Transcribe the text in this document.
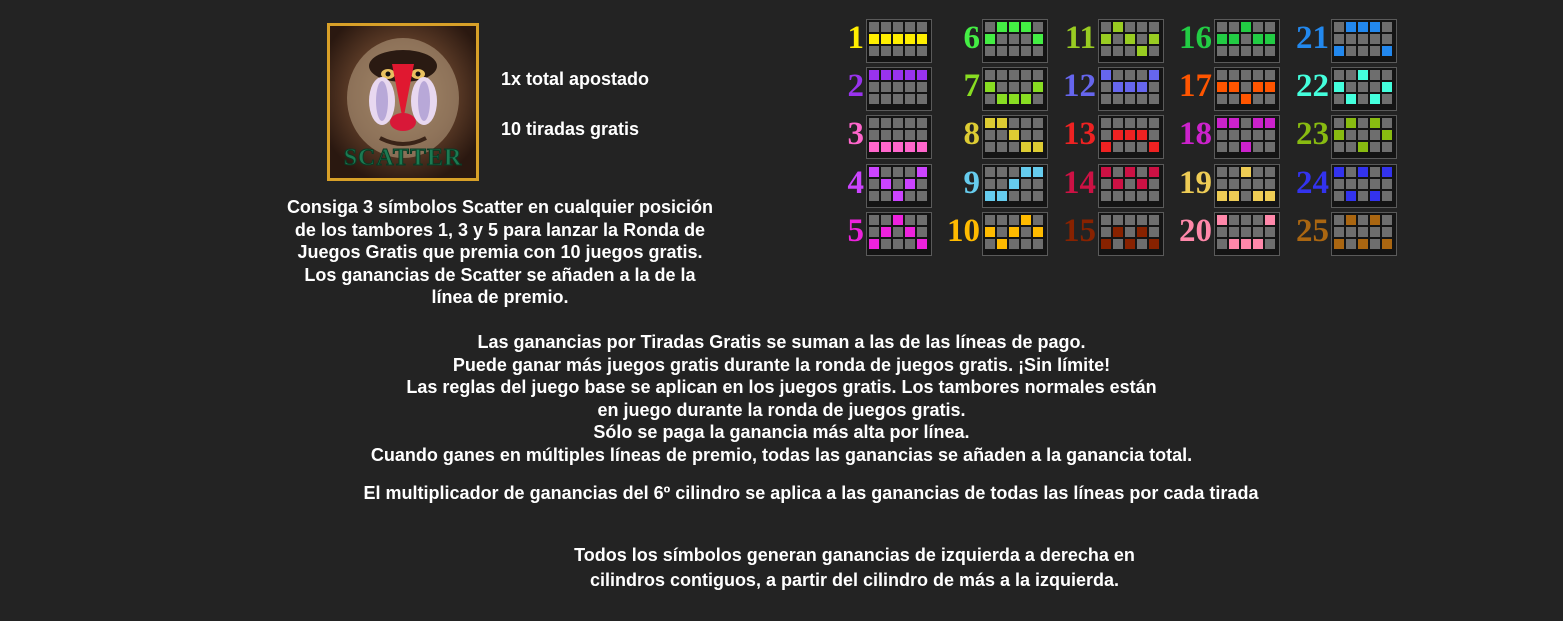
SCATTER
1x total apostado
10 tiradas gratis
Consiga 3 símbolos Scatter en cualquier posición
de los tambores 1, 3 y 5 para lanzar la Ronda de
Juegos Gratis que premia con 10 juegos gratis.
Los ganancias de Scatter se añaden a la de la
línea de premio.
1
2
3
4
5
6
7
8
9
10
11
12
13
14
15
16
17
18
19
20
21
22
23
24
25
Las ganancias por Tiradas Gratis se suman a las de las líneas de pago.
Puede ganar más juegos gratis durante la ronda de juegos gratis. ¡Sin límite!
Las reglas del juego base se aplican en los juegos gratis. Los tambores normales están
en juego durante la ronda de juegos gratis.
Sólo se paga la ganancia más alta por línea.
Cuando ganes en múltiples líneas de premio, todas las ganancias se añaden a la ganancia total.
El multiplicador de ganancias del 6º cilindro se aplica a las ganancias de todas las líneas por cada tirada
Todos los símbolos generan ganancias de izquierda a derecha en
cilindros contiguos, a partir del cilindro de más a la izquierda.
